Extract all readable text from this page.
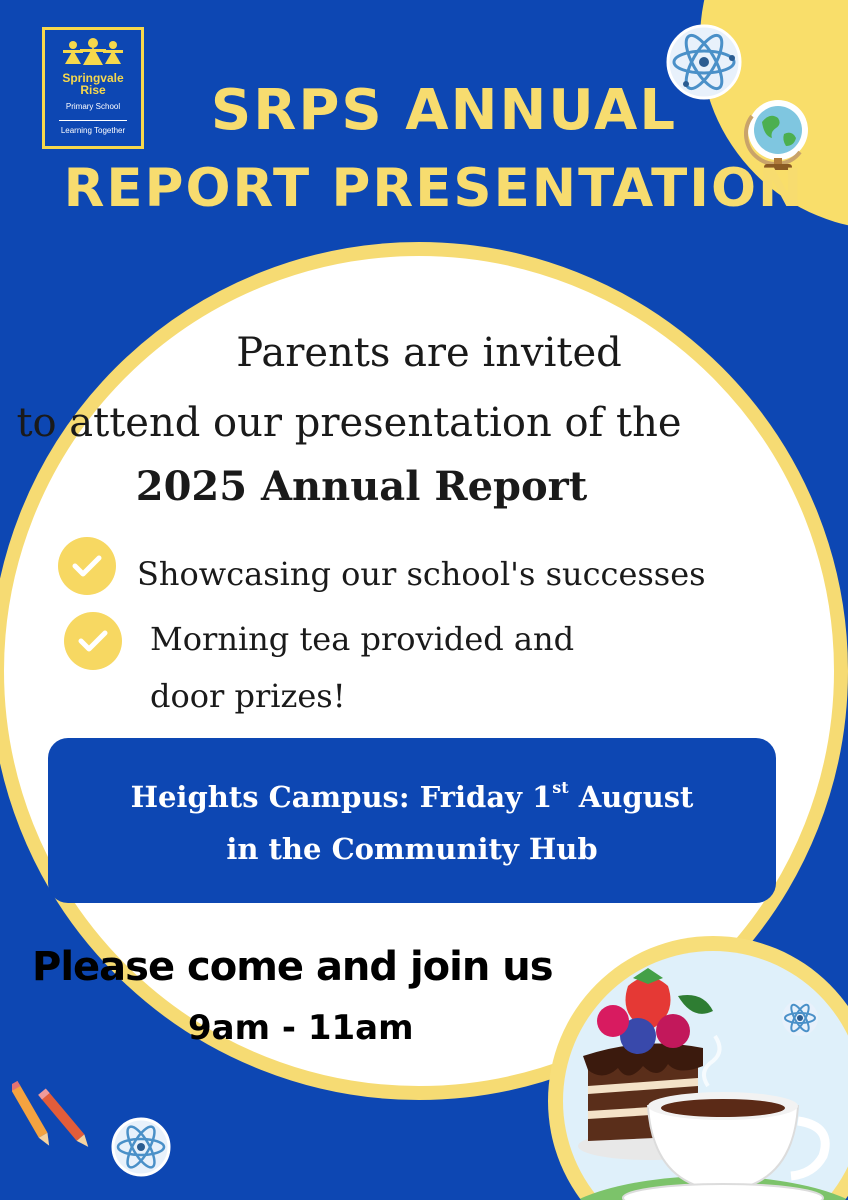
Springvale
Rise
Primary School
Learning Together	SRPS ANNUAL
REPORT PRESENTATION
Parents are invited
to attend our presentation of the
2025 Annual Report
Showcasing our school's successes
Morning tea provided and
door prizes!
Heights Campus: Friday 1st August
in the Community Hub
Please come and join us
9am - 11am
